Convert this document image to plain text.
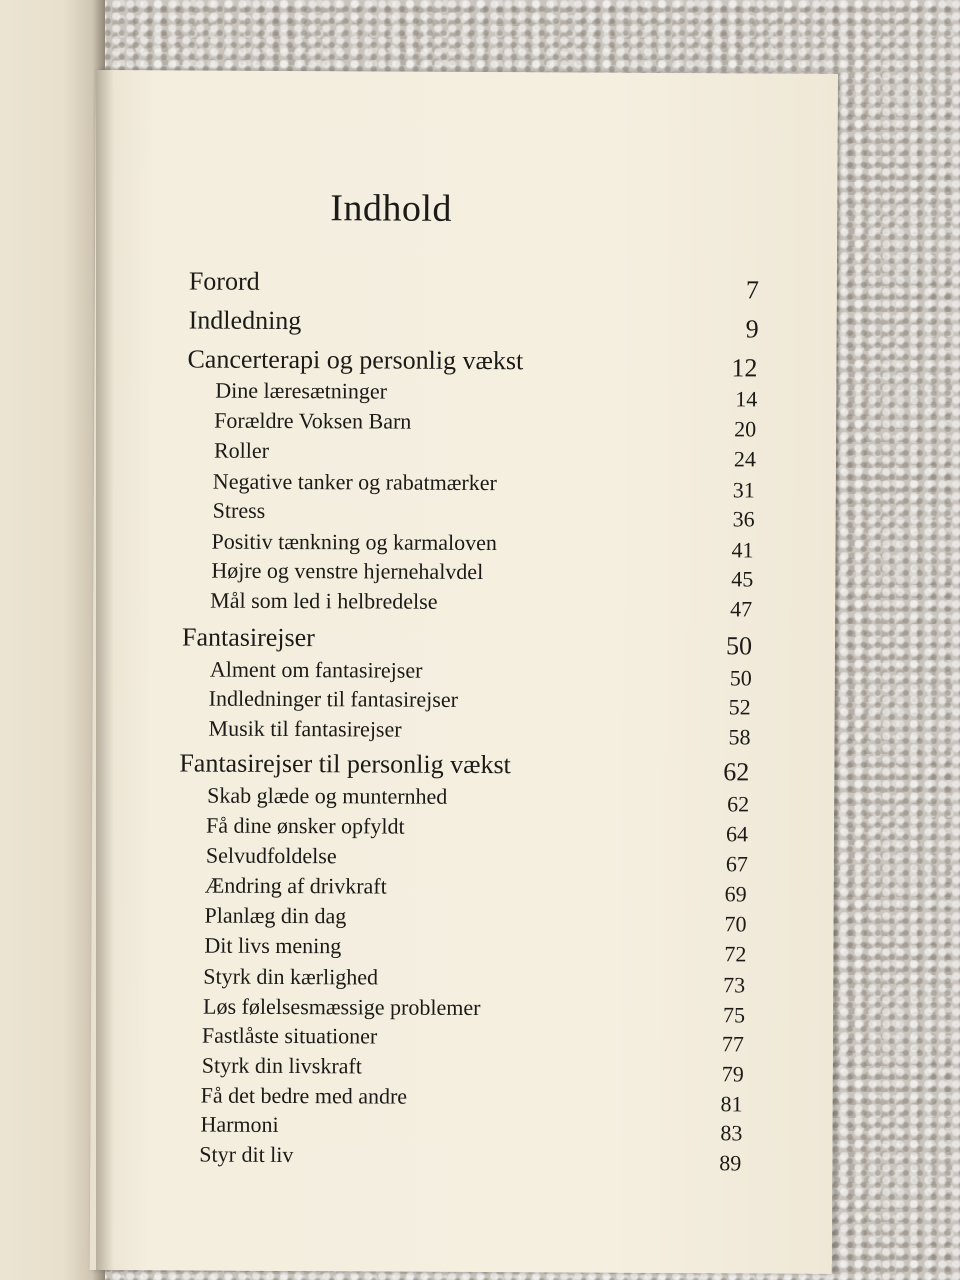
Indhold
Forord	7
Indledning	9
Cancerterapi og personlig vækst	12
Dine læresætninger	14
Forældre Voksen Barn	20
Roller	24
Negative tanker og rabatmærker	31
Stress	36
Positiv tænkning og karmaloven	41
Højre og venstre hjernehalvdel	45
Mål som led i helbredelse	47
Fantasirejser	50
Alment om fantasirejser	50
Indledninger til fantasirejser	52
Musik til fantasirejser	58
Fantasirejser til personlig vækst	62
Skab glæde og munternhed	62
Få dine ønsker opfyldt	64
Selvudfoldelse	67
Ændring af drivkraft	69
Planlæg din dag	70
Dit livs mening	72
Styrk din kærlighed	73
Løs følelsesmæssige problemer	75
Fastlåste situationer	77
Styrk din livskraft	79
Få det bedre med andre	81
Harmoni	83
Styr dit liv	89
